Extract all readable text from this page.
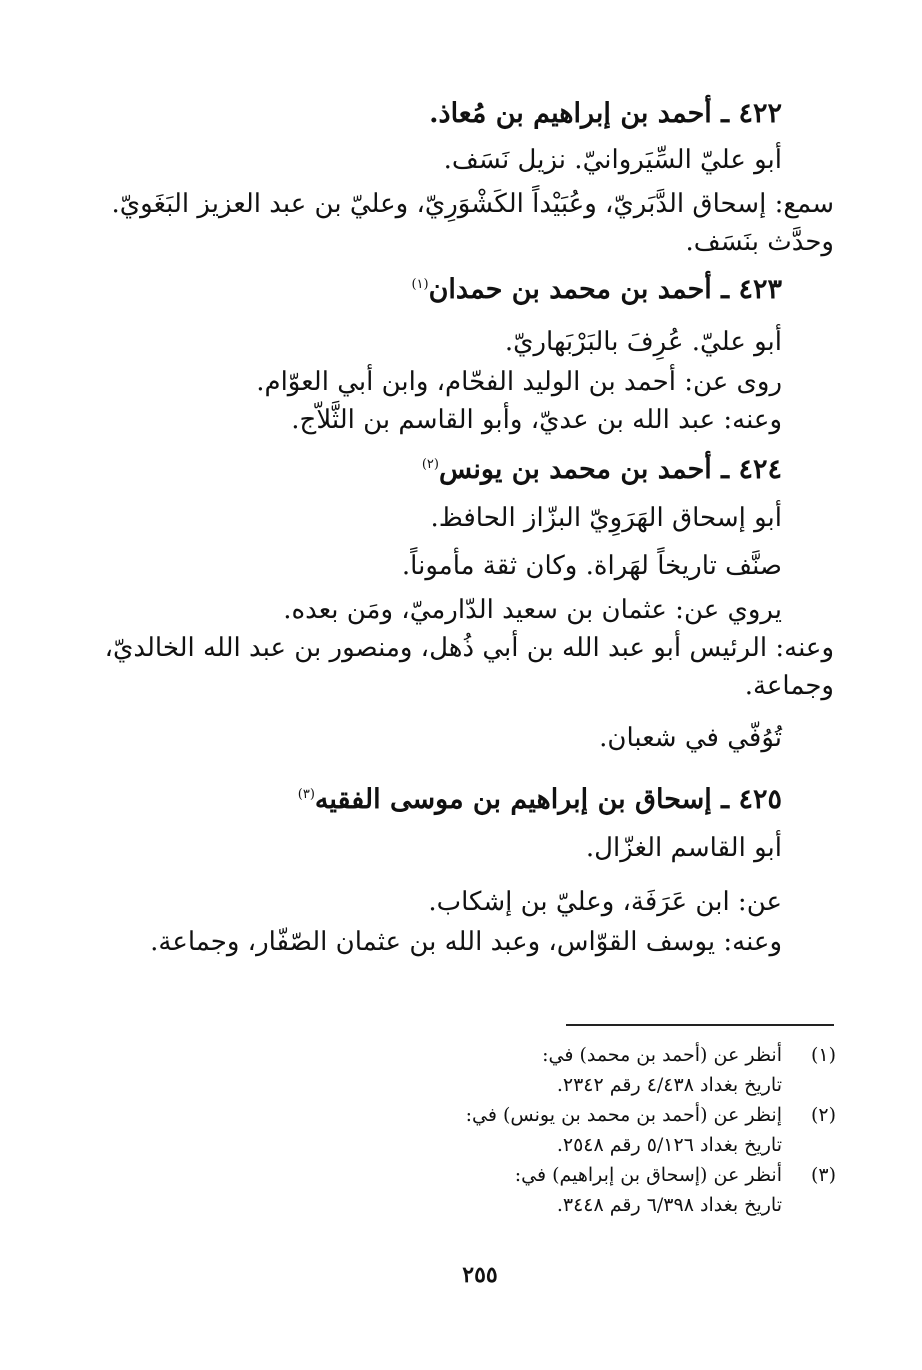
٤٢٢ ـ أحمد بن إبراهيم بن مُعاذ.
أبو عليّ السِّيَروانيّ. نزيل نَسَف.
سمع: إسحاق الدَّبَريّ، وعُبَيْداً الكَشْوَرِيّ، وعليّ بن عبد العزيز البَغَويّ.
وحدَّث بنَسَف.
٤٢٣ ـ أحمد بن محمد بن حمدان$^{(١)}$
أبو عليّ. عُرِفَ بالبَرْبَهاريّ.
روى عن: أحمد بن الوليد الفحّام، وابن أبي العوّام.
وعنه: عبد الله بن عديّ، وأبو القاسم بن الثَّلاّج.
٤٢٤ ـ أحمد بن محمد بن يونس$^{(٢)}$
أبو إسحاق الهَرَوِيّ البزّاز الحافظ.
صنَّف تاريخاً لهَراة. وكان ثقة مأموناً.
يروي عن: عثمان بن سعيد الدّارميّ، ومَن بعده.
وعنه: الرئيس أبو عبد الله بن أبي ذُهل، ومنصور بن عبد الله الخالديّ،
وجماعة.
تُوُفّي في شعبان.
٤٢٥ ـ إسحاق بن إبراهيم بن موسى الفقيه$^{(٣)}$
أبو القاسم الغزّال.
عن: ابن عَرَفَة، وعليّ بن إشكاب.
وعنه: يوسف القوّاس، وعبد الله بن عثمان الصّفّار، وجماعة.
(١)
أنظر عن (أحمد بن محمد) في:
تاريخ بغداد ٤/٤٣٨ رقم ٢٣٤٢.
(٢)
إنظر عن (أحمد بن محمد بن يونس) في:
تاريخ بغداد ٥/١٢٦ رقم ٢٥٤٨.
(٣)
أنظر عن (إسحاق بن إبراهيم) في:
تاريخ بغداد ٦/٣٩٨ رقم ٣٤٤٨.
٢٥٥
